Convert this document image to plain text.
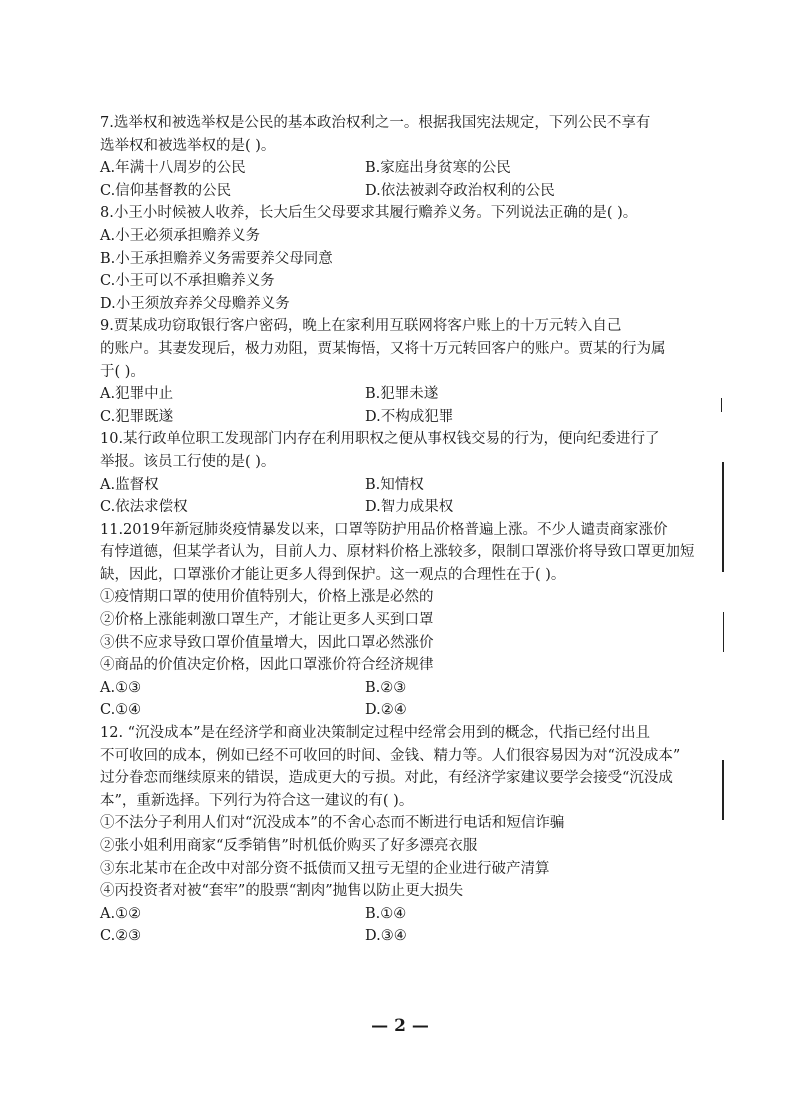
7.选举权和被选举权是公民的基本政治权利之一。根据我国宪法规定，下列公民不享有
选举权和被选举权的是( )。
A.年满十八周岁的公民	B.家庭出身贫寒的公民
C.信仰基督教的公民	D.依法被剥夺政治权利的公民
8.小王小时候被人收养，长大后生父母要求其履行赡养义务。下列说法正确的是( )。
A.小王必须承担赡养义务
B.小王承担赡养义务需要养父母同意
C.小王可以不承担赡养义务
D.小王须放弃养父母赡养义务
9.贾某成功窃取银行客户密码，晚上在家利用互联网将客户账上的十万元转入自己
的账户。其妻发现后，极力劝阻，贾某悔悟，又将十万元转回客户的账户。贾某的行为属
于( )。
A.犯罪中止	B.犯罪未遂
C.犯罪既遂	D.不构成犯罪
10.某行政单位职工发现部门内存在利用职权之便从事权钱交易的行为，便向纪委进行了
举报。该员工行使的是( )。
A.监督权	B.知情权
C.依法求偿权	D.智力成果权
11.2019年新冠肺炎疫情暴发以来，口罩等防护用品价格普遍上涨。不少人谴责商家涨价
有悖道德，但某学者认为，目前人力、原材料价格上涨较多，限制口罩涨价将导致口罩更加短
缺，因此，口罩涨价才能让更多人得到保护。这一观点的合理性在于( )。
①疫情期口罩的使用价值特别大，价格上涨是必然的
②价格上涨能刺激口罩生产，才能让更多人买到口罩
③供不应求导致口罩价值量增大，因此口罩必然涨价
④商品的价值决定价格，因此口罩涨价符合经济规律
A.①③	B.②③
C.①④	D.②④
12. “沉没成本”是在经济学和商业决策制定过程中经常会用到的概念，代指已经付出且
不可收回的成本，例如已经不可收回的时间、金钱、精力等。人们很容易因为对“沉没成本”
过分眷恋而继续原来的错误，造成更大的亏损。对此，有经济学家建议要学会接受“沉没成
本”，重新选择。下列行为符合这一建议的有( )。
①不法分子利用人们对“沉没成本”的不舍心态而不断进行电话和短信诈骗
②张小姐利用商家“反季销售”时机低价购买了好多漂亮衣服
③东北某市在企改中对部分资不抵债而又扭亏无望的企业进行破产清算
④丙投资者对被“套牢”的股票“割肉”抛售以防止更大损失
A.①②	B.①④
C.②③	D.③④
— 2 —
